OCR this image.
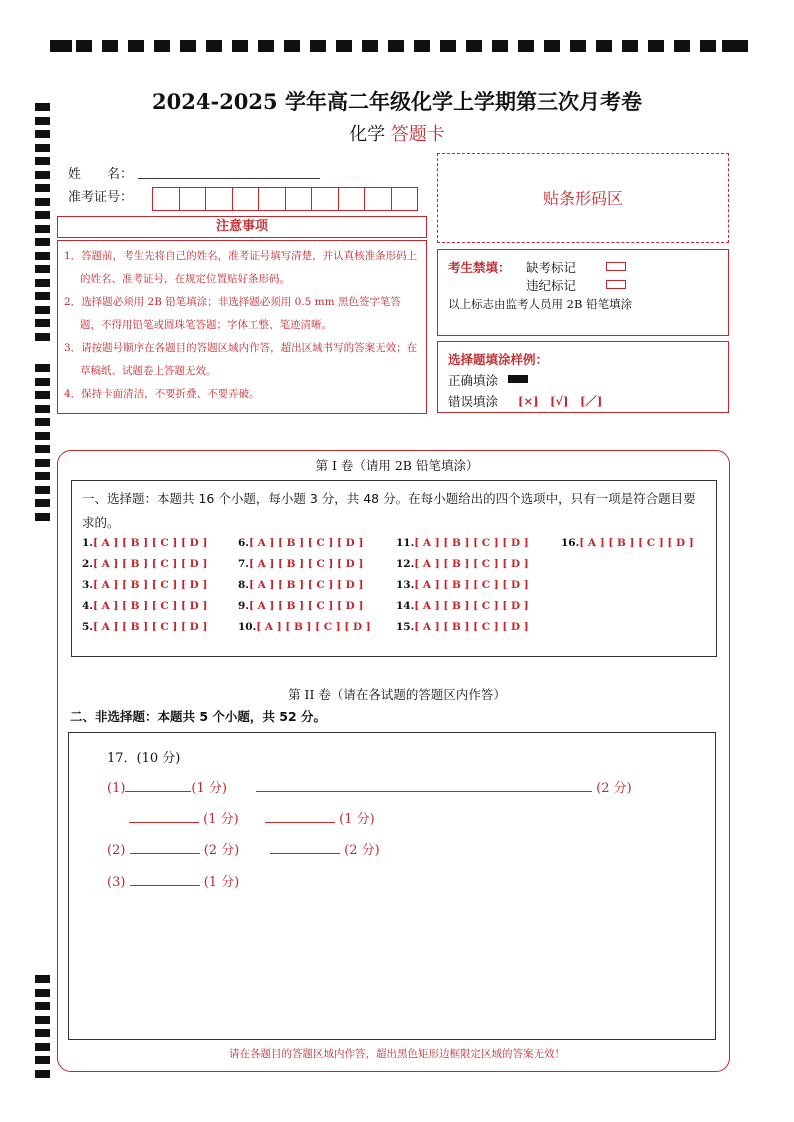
2024-2025 学年高二年级化学上学期第三次月考卷
化学 答题卡
姓　　名：
准考证号：	贴条形码区
注意事项
1．答题前，考生先将自己的姓名，准考证号填写清楚，并认真核准条形码上的姓名、准考证号，在规定位置贴好条形码。
2．选择题必须用 2B 铅笔填涂；非选择题必须用 0.5 mm 黑色签字笔答题，不得用铅笔或圆珠笔答题；字体工整、笔迹清晰。
3．请按题号顺序在各题目的答题区域内作答，超出区域书写的答案无效；在草稿纸、试题卷上答题无效。
4．保持卡面清洁，不要折叠、不要弄破。
考生禁填： 缺考标记
违纪标记
以上标志由监考人员用 2B 铅笔填涂
选择题填涂样例：
正确填涂
错误填涂 [×]　[√]　[／]
第 I 卷（请用 2B 铅笔填涂）
一、选择题：本题共 16 个小题，每小题 3 分，共 48 分。在每小题给出的四个选项中，只有一项是符合题目要求的。
1.[ A ] [ B ] [ C ] [ D ]
2.[ A ] [ B ] [ C ] [ D ]
3.[ A ] [ B ] [ C ] [ D ]
4.[ A ] [ B ] [ C ] [ D ]
5.[ A ] [ B ] [ C ] [ D ]
6.[ A ] [ B ] [ C ] [ D ]
7.[ A ] [ B ] [ C ] [ D ]
8.[ A ] [ B ] [ C ] [ D ]
9.[ A ] [ B ] [ C ] [ D ]
10.[ A ] [ B ] [ C ] [ D ]
11.[ A ] [ B ] [ C ] [ D ]
12.[ A ] [ B ] [ C ] [ D ]
13.[ A ] [ B ] [ C ] [ D ]
14.[ A ] [ B ] [ C ] [ D ]
15.[ A ] [ B ] [ C ] [ D ]
16.[ A ] [ B ] [ C ] [ D ]
第 II 卷（请在各试题的答题区内作答）
二、非选择题：本题共 5 个小题，共 52 分。
17．(10 分)
(1)	(1 分)	(2 分)
(1 分)	(1 分)
(2)	(2 分)	(2 分)
(3)	(1 分)
请在各题目的答题区域内作答，超出黑色矩形边框限定区域的答案无效！
